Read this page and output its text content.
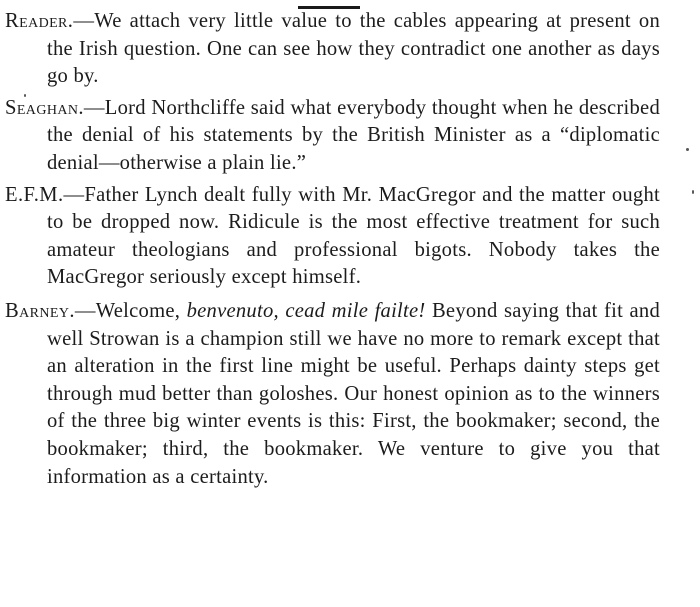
Reader.—We attach very little value to the cables appearing at present on the Irish question. One can see how they contradict one another as days go by.

Seaghan.—Lord Northcliffe said what everybody thought when he described the denial of his statements by the British Minister as a “diplomatic denial—otherwise a plain lie.”

E.F.M.—Father Lynch dealt fully with Mr. MacGregor and the matter ought to be dropped now. Ridicule is the most effective treatment for such amateur theologians and professional bigots. Nobody takes the MacGregor seriously except himself.

Barney.—Welcome, benvenuto, cead mile failte! Beyond saying that fit and well Strowan is a champion still we have no more to remark except that an alteration in the first line might be useful. Perhaps dainty steps get through mud better than goloshes. Our honest opinion as to the winners of the three big winter events is this: First, the bookmaker; second, the bookmaker; third, the bookmaker. We venture to give you that information as a certainty.
